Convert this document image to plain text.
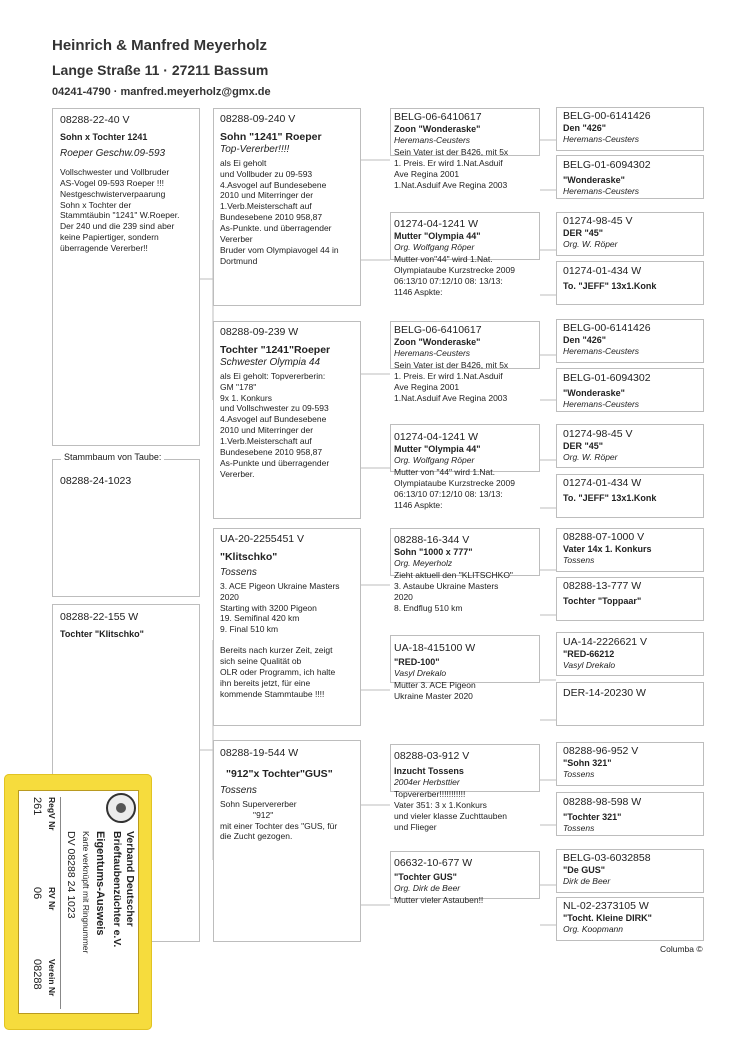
Heinrich & Manfred Meyerholz
Lange Straße 11 · 27211 Bassum
04241-4790 · manfred.meyerholz@gmx.de
08288-22-40 V
Sohn x Tochter 1241
Roeper Geschw.09-593
Vollschwester und Vollbruder
AS-Vogel 09-593 Roeper !!!
Nestgeschwisterverpaarung
Sohn x Tochter der
Stammtäubin "1241" W.Roeper.
Der 240 und die 239 sind aber
keine Papiertiger, sondern
überragende Vererber!!
Stammbaum von Taube:
08288-24-1023
08288-22-155 W
Tochter "Klitschko"
08288-09-240 V
Sohn "1241" Roeper
Top-Vererber!!!!
als Ei geholt
und Vollbuder zu 09-593
4.Asvogel auf Bundesebene
2010 und Miterringer der
1.Verb.Meisterschaft auf
Bundesebene 2010 958,87
As-Punkte. und überragender
Vererber
Bruder vom Olympiavogel 44 in
Dortmund
08288-09-239 W
Tochter "1241"Roeper
Schwester Olympia 44
als Ei geholt: Topvererberin:
GM "178"
9x 1. Konkurs
und Vollschwester zu 09-593
4.Asvogel auf Bundesebene
2010 und Miterringer der
1.Verb.Meisterschaft auf
Bundesebene 2010 958,87
As-Punkte und überragender
Vererber.
UA-20-2255451 V
"Klitschko"
Tossens
3. ACE Pigeon Ukraine Masters
2020
Starting with 3200 Pigeon
19. Semifinal 420 km
9. Final 510 km
Bereits nach kurzer Zeit, zeigt
sich seine Qualität ob
OLR oder Programm, ich halte
ihn bereits jetzt, für eine
kommende Stammtaube !!!!
08288-19-544 W
"912"x Tochter"GUS"
Tossens
Sohn Supervererber
"912"
mit einer Tochter des "GUS, für
die Zucht gezogen.
BELG-06-6410617
Zoon "Wonderaske"
Heremans-Ceusters
Sein Vater ist der B426, mit 5x
1. Preis. Er wird 1.Nat.Asduif
Ave Regina 2001
1.Nat.Asduif Ave Regina 2003
01274-04-1241 W
Mutter "Olympia 44"
Org. Wolfgang Röper
Mutter von"44" wird 1.Nat.
Olympiataube Kurzstrecke 2009
06:13/10 07:12/10 08: 13/13:
1146 Aspkte:
BELG-06-6410617
Zoon "Wonderaske"
Heremans-Ceusters
Sein Vater ist der B426, mit 5x
1. Preis. Er wird 1.Nat.Asduif
Ave Regina 2001
1.Nat.Asduif Ave Regina 2003
01274-04-1241 W
Mutter "Olympia 44"
Org. Wolfgang Röper
Mutter von "44" wird 1.Nat.
Olympiataube Kurzstrecke 2009
06:13/10 07:12/10 08: 13/13:
1146 Aspkte:
08288-16-344 V
Sohn "1000 x 777"
Org. Meyerholz
Zieht aktuell den "KLITSCHKO"
3. Astaube Ukraine Masters
2020
8. Endflug 510 km
UA-18-415100 W
"RED-100"
Vasyl Drekalo
Mutter 3. ACE Pigeon
Ukraine Master 2020
08288-03-912 V
Inzucht Tossens
2004er Herbsttier
Topvererber!!!!!!!!!!!
Vater 351: 3 x 1.Konkurs
und vieler klasse Zuchttauben
und Flieger
06632-10-677 W
"Tochter GUS"
Org. Dirk de Beer
Mutter vieler Astauben!!
BELG-00-6141426
Den "426"
Heremans-Ceusters
BELG-01-6094302
"Wonderaske"
Heremans-Ceusters
01274-98-45 V
DER "45"
Org. W. Röper
01274-01-434 W
To. "JEFF" 13x1.Konk
BELG-00-6141426
Den "426"
Heremans-Ceusters
BELG-01-6094302
"Wonderaske"
Heremans-Ceusters
01274-98-45 V
DER "45"
Org. W. Röper
01274-01-434 W
To. "JEFF" 13x1.Konk
08288-07-1000 V
Vater 14x 1. Konkurs
Tossens
08288-13-777 W
Tochter "Toppaar"
UA-14-2226621 V
"RED-66212
Vasyl Drekalo
DER-14-20230 W
08288-96-952 V
"Sohn 321"
Tossens
08288-98-598 W
"Tochter 321"
Tossens
BELG-03-6032858
"De GUS"
Dirk de Beer
NL-02-2373105 W
"Tocht. Kleine DIRK"
Org. Koopmann
Columba ©
Verband Deutscher
Brieftaubenzüchter e.V.
Eigentums-Ausweis
Karte verknüpft mit Ringnummer
DV 08288 24 1023
RegV Nr
RV Nr
Verein Nr
261
06
08288
